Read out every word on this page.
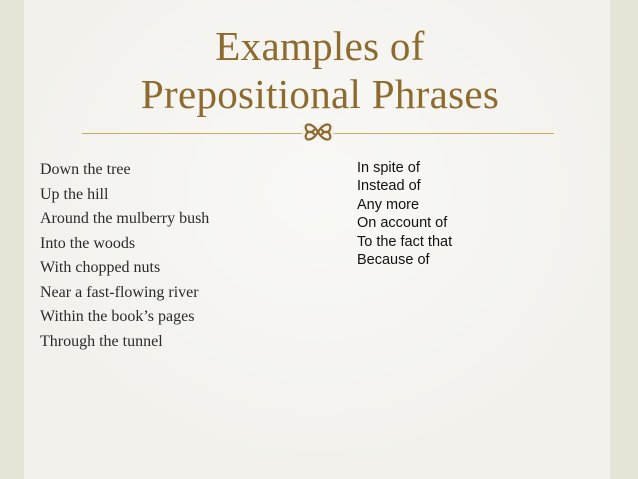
Examples of
Prepositional Phrases
Down the tree
Up the hill
Around the mulberry bush
Into the woods
With chopped nuts
Near a fast-flowing river
Within the book’s pages
Through the tunnel
In spite of
Instead of
Any more
On account of
To the fact that
Because of
